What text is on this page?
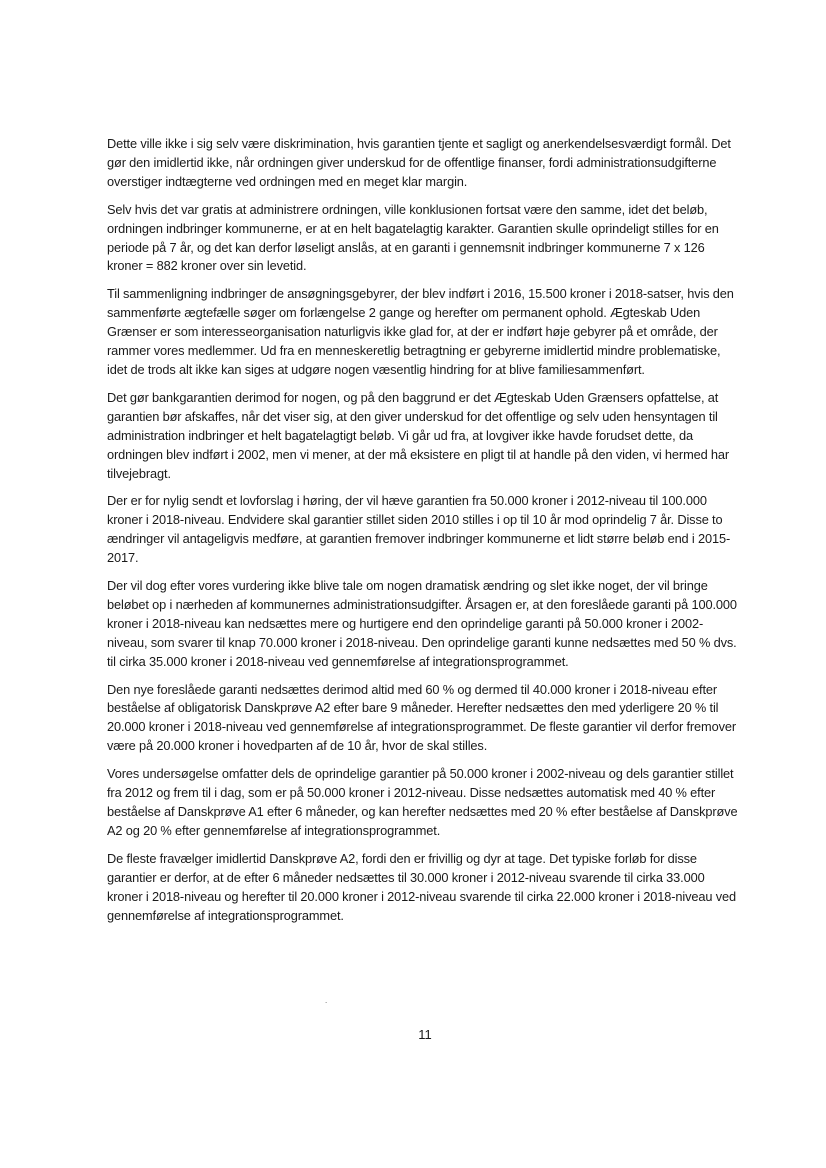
Dette ville ikke i sig selv være diskrimination, hvis garantien tjente et sagligt og anerkendelsesværdigt formål. Det gør den imidlertid ikke, når ordningen giver underskud for de offentlige finanser, fordi administrationsudgifterne overstiger indtægterne ved ordningen med en meget klar margin.

Selv hvis det var gratis at administrere ordningen, ville konklusionen fortsat være den samme, idet det beløb, ordningen indbringer kommunerne, er at en helt bagatelagtig karakter. Garantien skulle oprindeligt stilles for en periode på 7 år, og det kan derfor løseligt anslås, at en garanti i gennemsnit indbringer kommunerne 7 x 126 kroner = 882 kroner over sin levetid.

Til sammenligning indbringer de ansøgningsgebyrer, der blev indført i 2016, 15.500 kroner i 2018-satser, hvis den sammenførte ægtefælle søger om forlængelse 2 gange og herefter om permanent ophold. Ægteskab Uden Grænser er som interesseorganisation naturligvis ikke glad for, at der er indført høje gebyrer på et område, der rammer vores medlemmer. Ud fra en menneskeretlig betragtning er gebyrerne imidlertid mindre problematiske, idet de trods alt ikke kan siges at udgøre nogen væsentlig hindring for at blive familiesammenført.

Det gør bankgarantien derimod for nogen, og på den baggrund er det Ægteskab Uden Grænsers opfattelse, at garantien bør afskaffes, når det viser sig, at den giver underskud for det offentlige og selv uden hensyntagen til administration indbringer et helt bagatelagtigt beløb. Vi går ud fra, at lovgiver ikke havde forudset dette, da ordningen blev indført i 2002, men vi mener, at der må eksistere en pligt til at handle på den viden, vi hermed har tilvejebragt.

Der er for nylig sendt et lovforslag i høring, der vil hæve garantien fra 50.000 kroner i 2012-niveau til 100.000 kroner i 2018-niveau. Endvidere skal garantier stillet siden 2010 stilles i op til 10 år mod oprindelig 7 år. Disse to ændringer vil antageligvis medføre, at garantien fremover indbringer kommunerne et lidt større beløb end i 2015-2017.

Der vil dog efter vores vurdering ikke blive tale om nogen dramatisk ændring og slet ikke noget, der vil bringe beløbet op i nærheden af kommunernes administrationsudgifter. Årsagen er, at den foreslåede garanti på 100.000 kroner i 2018-niveau kan nedsættes mere og hurtigere end den oprindelige garanti på 50.000 kroner i 2002-niveau, som svarer til knap 70.000 kroner i 2018-niveau. Den oprindelige garanti kunne nedsættes med 50 % dvs. til cirka 35.000 kroner i 2018-niveau ved gennemførelse af integrationsprogrammet.

Den nye foreslåede garanti nedsættes derimod altid med 60 % og dermed til 40.000 kroner i 2018-niveau efter beståelse af obligatorisk Danskprøve A2 efter bare 9 måneder. Herefter nedsættes den med yderligere 20 % til 20.000 kroner i 2018-niveau ved gennemførelse af integrationsprogrammet. De fleste garantier vil derfor fremover være på 20.000 kroner i hovedparten af de 10 år, hvor de skal stilles.

Vores undersøgelse omfatter dels de oprindelige garantier på 50.000 kroner i 2002-niveau og dels garantier stillet fra 2012 og frem til i dag, som er på 50.000 kroner i 2012-niveau. Disse nedsættes automatisk med 40 % efter beståelse af Danskprøve A1 efter 6 måneder, og kan herefter nedsættes med 20 % efter beståelse af Danskprøve A2 og 20 % efter gennemførelse af integrationsprogrammet.

De fleste fravælger imidlertid Danskprøve A2, fordi den er frivillig og dyr at tage. Det typiske forløb for disse garantier er derfor, at de efter 6 måneder nedsættes til 30.000 kroner i 2012-niveau svarende til cirka 33.000 kroner i 2018-niveau og herefter til 20.000 kroner i 2012-niveau svarende til cirka 22.000 kroner i 2018-niveau ved gennemførelse af integrationsprogrammet.

.
11
